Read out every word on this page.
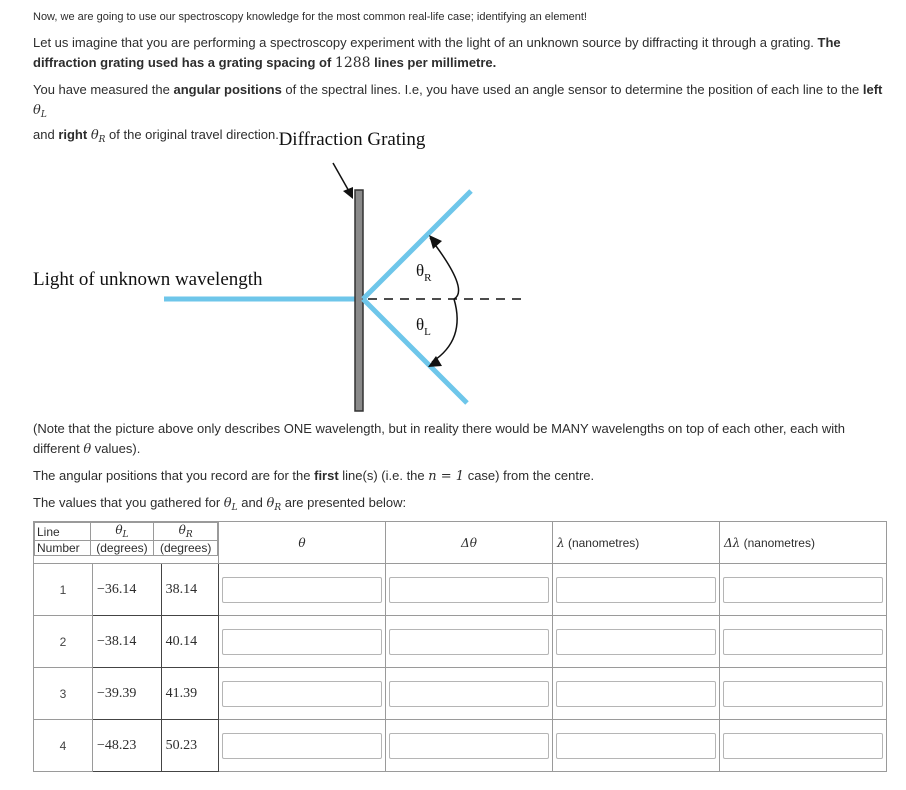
Now, we are going to use our spectroscopy knowledge for the most common real-life case; identifying an element!

Let us imagine that you are performing a spectroscopy experiment with the light of an unknown source by diffracting it through a grating. The diffraction grating used has a grating spacing of 1288 lines per millimetre.

You have measured the angular positions of the spectral lines. I.e, you have used an angle sensor to determine the position of each line to the left $\theta_L$
and right $\theta_R$ of the original travel direction. Diffraction Grating
Light of unknown wavelength	$\theta_R$
$\theta_L$

(Note that the picture above only describes ONE wavelength, but in reality there would be MANY wavelengths on top of each other, each with different θ values).

The angular positions that you record are for the first line(s) (i.e. the n = 1 case) from the centre.

The values that you gathered for $\theta_L$ and $\theta_R$ are presented below:

Line	$\theta_L$	$\theta_R$
Number	(degrees)	(degrees)
		θ	Δθ	λ (nanometres)	Δλ (nanometres)
1	−36.14	38.14	

2	−38.14	40.14	

3	−39.39	41.39	

4	−48.23	50.23	
